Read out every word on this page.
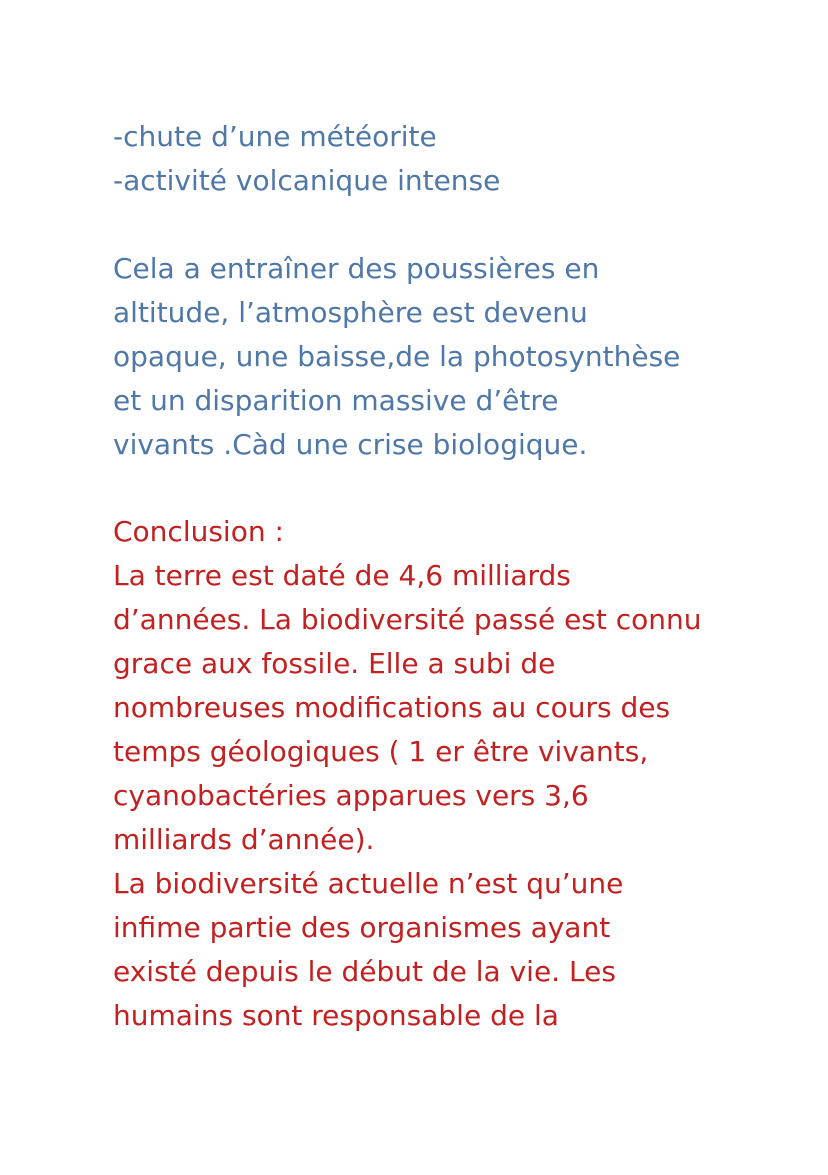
-chute d’une météorite
-activité volcanique intense
Cela a entraîner des poussières en
altitude, l’atmosphère est devenu
opaque, une baisse,de la photosynthèse
et un disparition massive d’être
vivants .Càd une crise biologique.
Conclusion :
La terre est daté de 4,6 milliards
d’années. La biodiversité passé est connu
grace aux fossile. Elle a subi de
nombreuses modifications au cours des
temps géologiques ( 1 er être vivants,
cyanobactéries apparues vers 3,6
milliards d’année).
La biodiversité actuelle n’est qu’une
infime partie des organismes ayant
existé depuis le début de la vie. Les
humains sont responsable de la
